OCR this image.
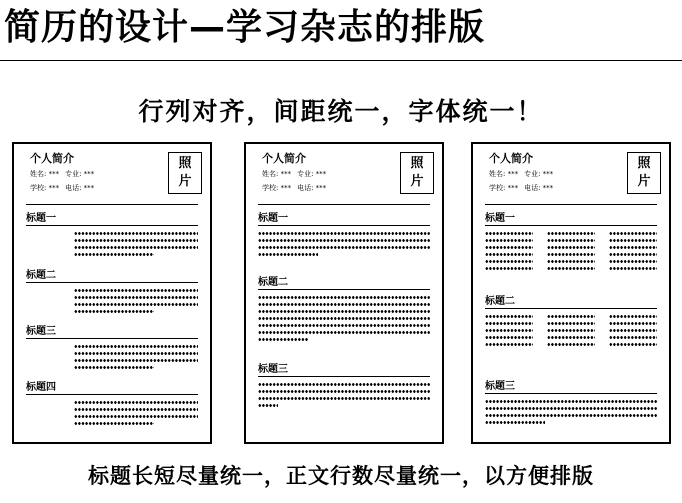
简历的设计—学习杂志的排版
行列对齐，间距统一，字体统一！
个人简介
姓名: *** 专业: ***
学校: *** 电话: ***
照
片
标题一
标题二
标题三
标题四
个人简介
姓名: *** 专业: ***
学校: *** 电话: ***
照
片
标题一
标题二
标题三
个人简介
姓名: *** 专业: ***
学校: *** 电话: ***
照
片
标题一
标题二
标题三
标题长短尽量统一，正文行数尽量统一，以方便排版
